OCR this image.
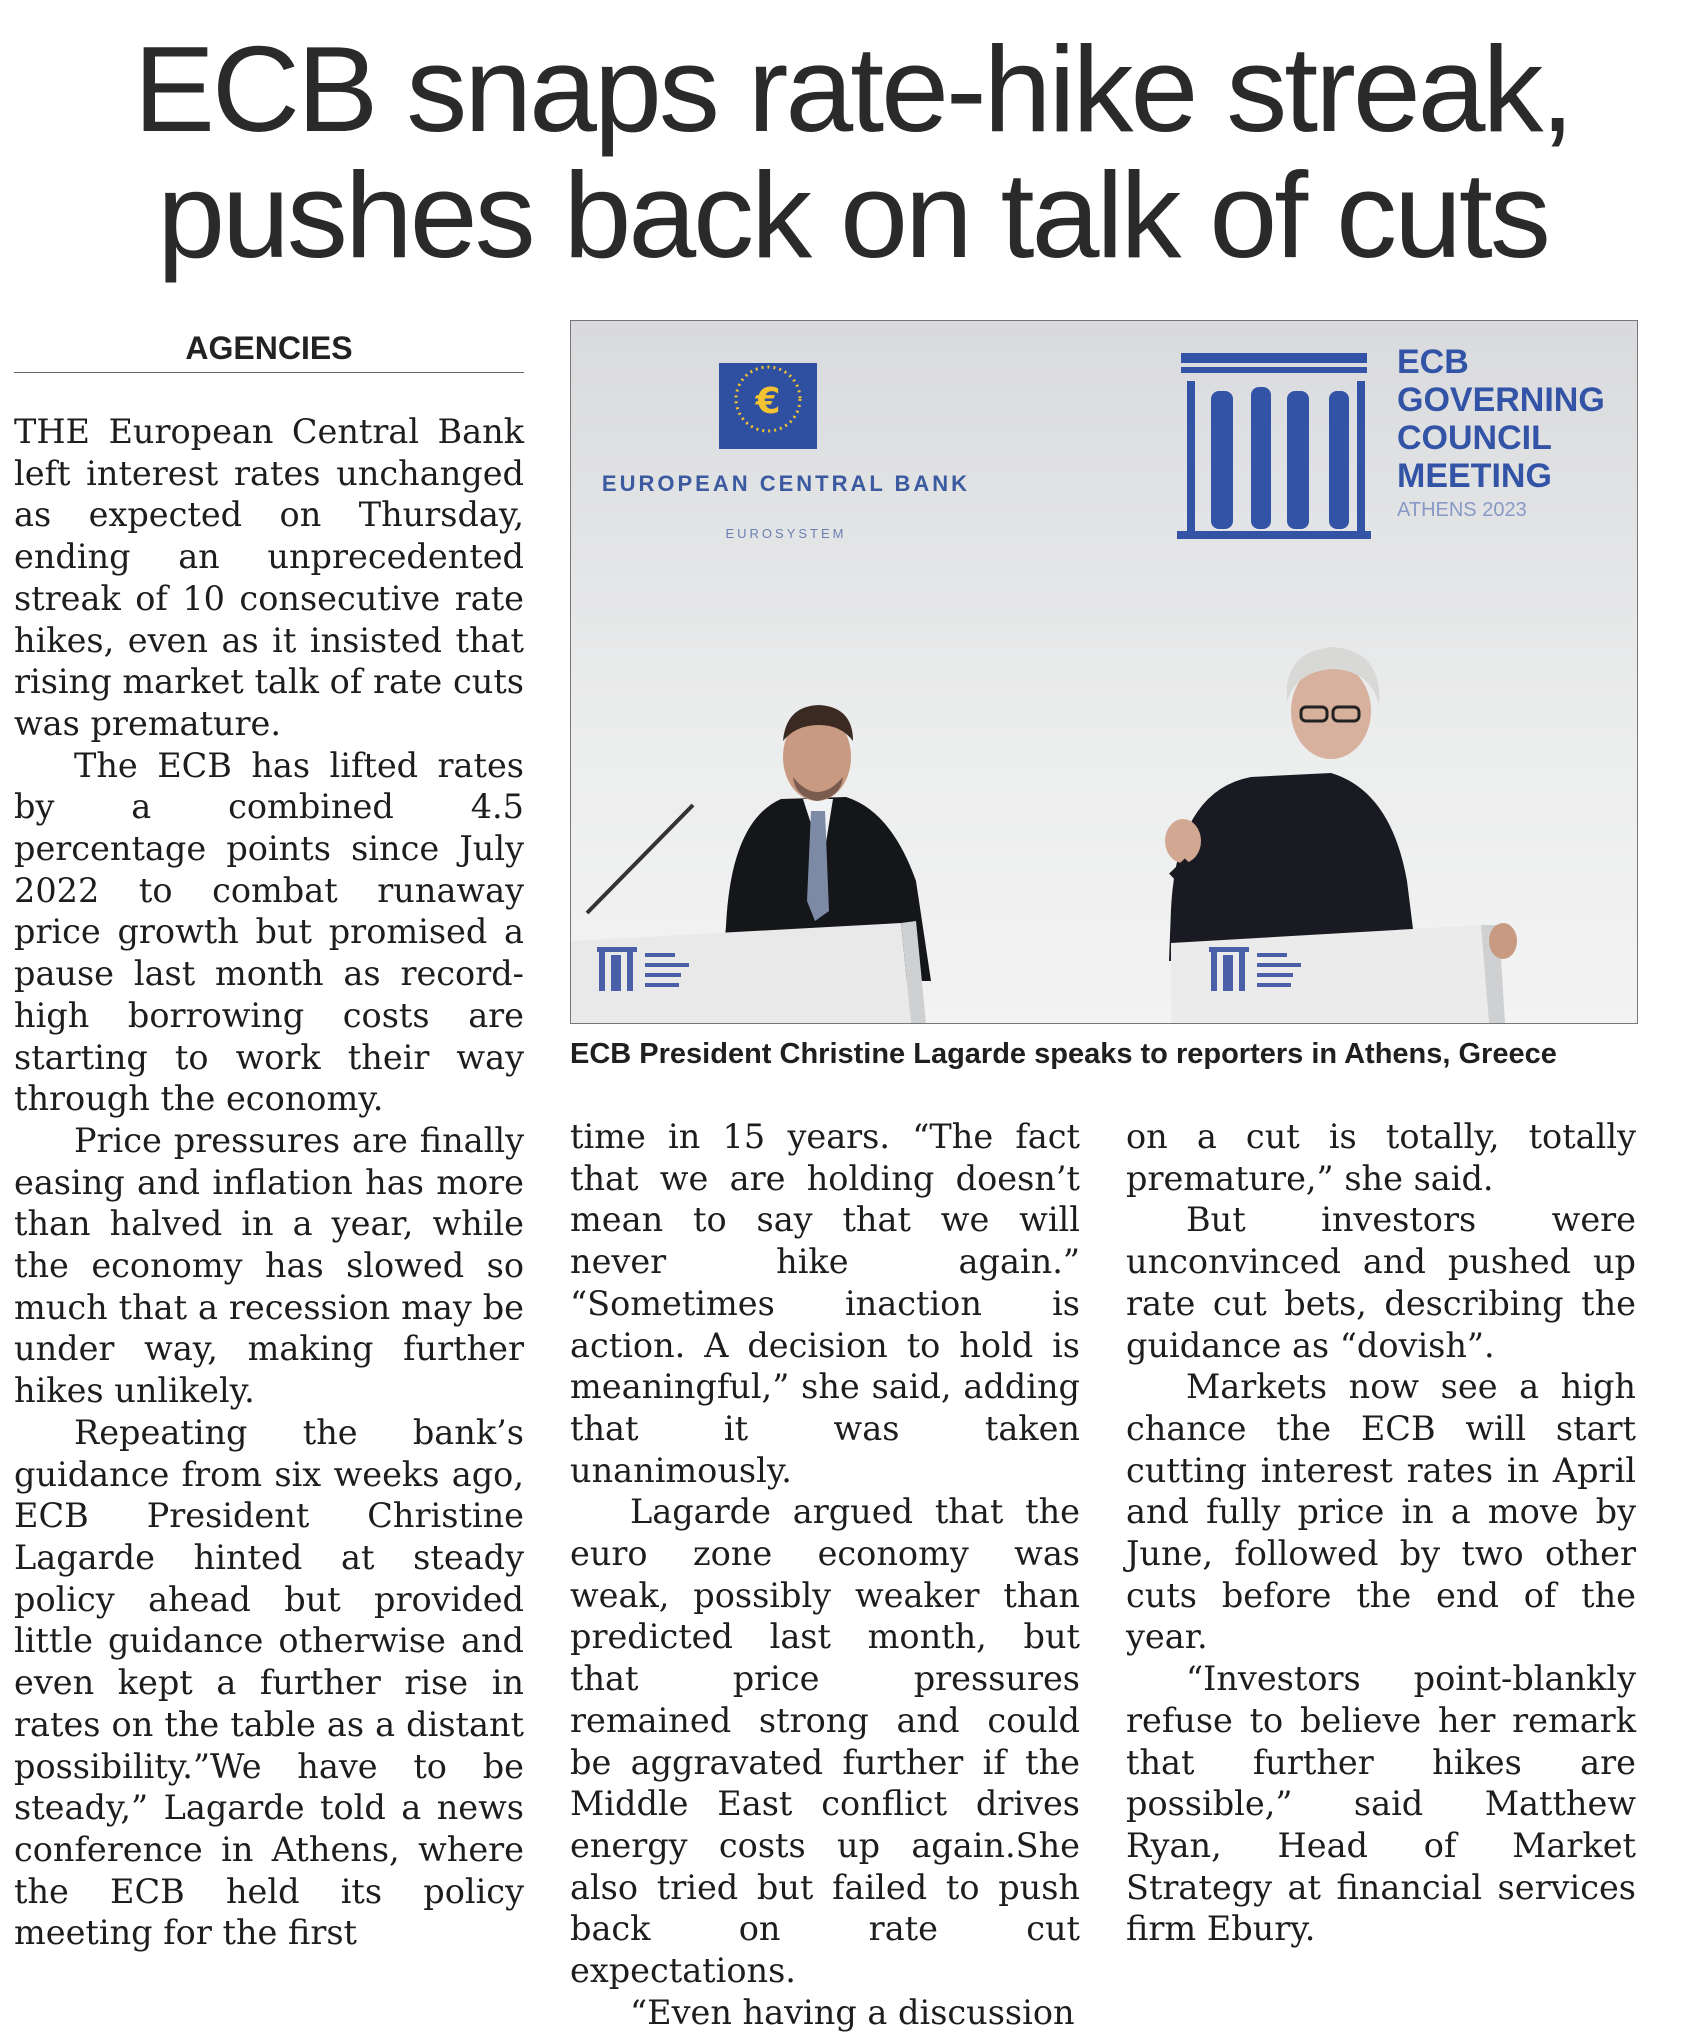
ECB snaps rate-hike streak,
pushes back on talk of cuts
AGENCIES

THE European Central Bank left interest rates unchanged as expected on Thursday, ending an unprecedented streak of 10 consecutive rate hikes, even as it insisted that rising market talk of rate cuts was premature.

The ECB has lifted rates by a combined 4.5 percentage points since July 2022 to combat runaway price growth but promised a pause last month as record-high borrowing costs are starting to work their way through the economy.

Price pressures are finally easing and inflation has more than halved in a year, while the economy has slowed so much that a recession may be under way, making further hikes unlikely.

Repeating the bank’s guidance from six weeks ago, ECB President Christine Lagarde hinted at steady policy ahead but provided little guidance otherwise and even kept a further rise in rates on the table as a distant possibility.”We have to be steady,” Lagarde told a news conference in Athens, where the ECB held its policy meeting for the first

€
EUROPEAN CENTRAL BANK
EUROSYSTEM
ECB
GOVERNING
COUNCIL
MEETING
ATHENS 2023
ECB President Christine Lagarde speaks to reporters in Athens, Greece

time in 15 years. “The fact that we are holding doesn’t mean to say that we will never hike again.” “Sometimes inaction is action. A decision to hold is meaningful,” she said, adding that it was taken unanimously.

Lagarde argued that the euro zone economy was weak, possibly weaker than predicted last month, but that price pressures remained strong and could be aggravated further if the Middle East conflict drives energy costs up again.She also tried but failed to push back on rate cut expectations.

“Even having a discussion

on a cut is totally, totally premature,” she said.

But investors were unconvinced and pushed up rate cut bets, describing the guidance as “dovish”.

Markets now see a high chance the ECB will start cutting interest rates in April and fully price in a move by June, followed by two other cuts before the end of the year.

“Investors point-blankly refuse to believe her remark that further hikes are possible,” said Matthew Ryan, Head of Market Strategy at financial services firm Ebury.
